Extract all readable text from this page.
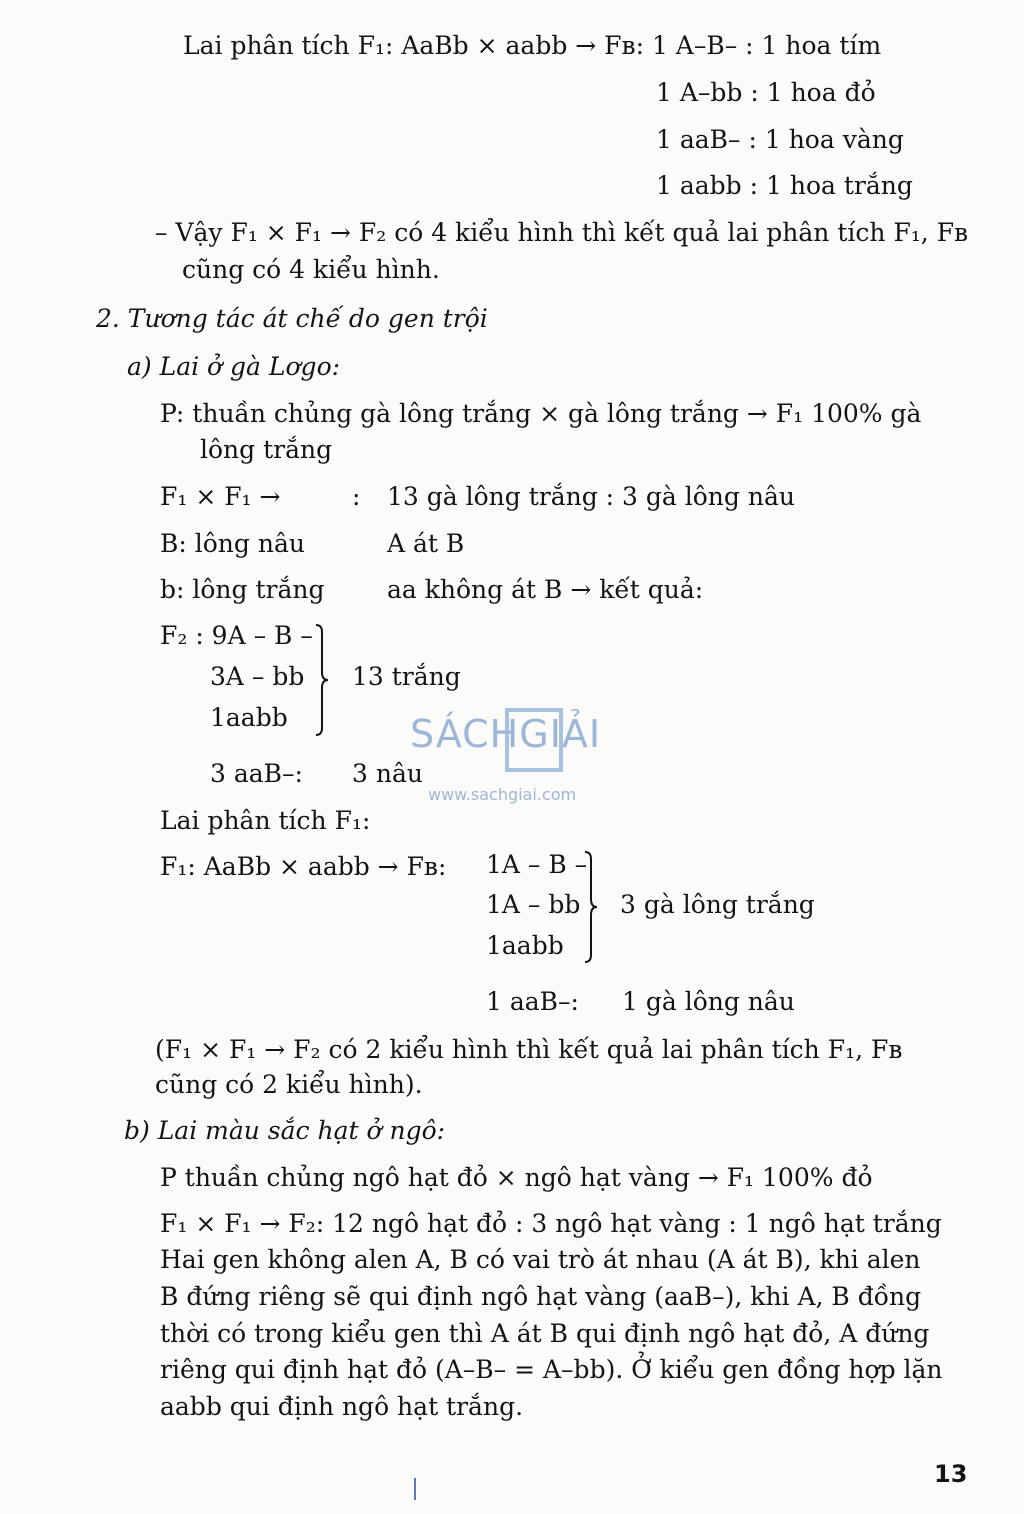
Lai phân tích F₁: AaBb × aabb → Fʙ: 1 A–B– : 1 hoa tím
1 A–bb : 1 hoa đỏ
1 aaB– : 1 hoa vàng
1 aabb : 1 hoa trắng
– Vậy F₁ × F₁ → F₂ có 4 kiểu hình thì kết quả lai phân tích F₁, Fʙ
cũng có 4 kiểu hình.
2. Tương tác át chế do gen trội
a) Lai ở gà Lơgo:
P: thuần chủng gà lông trắng × gà lông trắng → F₁ 100% gà
lông trắng
F₁ × F₁ →	: 13 gà lông trắng : 3 gà lông nâu
B: lông nâu	A át B
b: lông trắng	aa không át B → kết quả:
F₂ : 9A – B –
3A – bb
1aabb
13 trắng
3 aaB–: 3 nâu
Lai phân tích F₁:
F₁: AaBb × aabb → Fʙ: 1A – B –
1A – bb
1aabb
3 gà lông trắng
1 aaB–: 1 gà lông nâu
(F₁ × F₁ → F₂ có 2 kiểu hình thì kết quả lai phân tích F₁, Fʙ
cũng có 2 kiểu hình).
b) Lai màu sắc hạt ở ngô:
P thuần chủng ngô hạt đỏ × ngô hạt vàng → F₁ 100% đỏ
F₁ × F₁ → F₂: 12 ngô hạt đỏ : 3 ngô hạt vàng : 1 ngô hạt trắng
Hai gen không alen A, B có vai trò át nhau (A át B), khi alen
B đứng riêng sẽ qui định ngô hạt vàng (aaB–), khi A, B đồng
thời có trong kiểu gen thì A át B qui định ngô hạt đỏ, A đứng
riêng qui định hạt đỏ (A–B– = A–bb). Ở kiểu gen đồng hợp lặn
aabb qui định ngô hạt trắng.
SÁCHGIẢI
www.sachgiai.com
13
